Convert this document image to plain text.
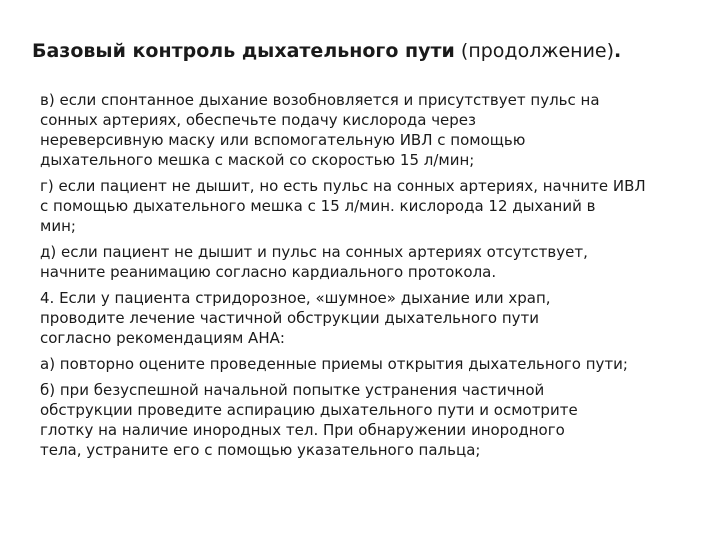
Базовый контроль дыхательного пути (продолжение).

в) если спонтанное дыхание возобновляется и присутствует пульс на
сонных артериях, обеспечьте подачу кислорода через
нереверсивную маску или вспомогательную ИВЛ с помощью
дыхательного мешка с маской со скоростью 15 л/мин;

г) если пациент не дышит, но есть пульс на сонных артериях, начните ИВЛ
с помощью дыхательного мешка с 15 л/мин. кислорода 12 дыханий в
мин;

д) если пациент не дышит и пульс на сонных артериях отсутствует,
начните реанимацию согласно кардиального протокола.

4. Если у пациента стридорозное, «шумное» дыхание или храп,
проводите лечение частичной обструкции дыхательного пути
согласно рекомендациям АНА:

а) повторно оцените проведенные приемы открытия дыхательного пути;

б) при безуспешной начальной попытке устранения частичной
обструкции проведите аспирацию дыхательного пути и осмотрите
глотку на наличие инородных тел. При обнаружении инородного
тела, устраните его с помощью указательного пальца;
